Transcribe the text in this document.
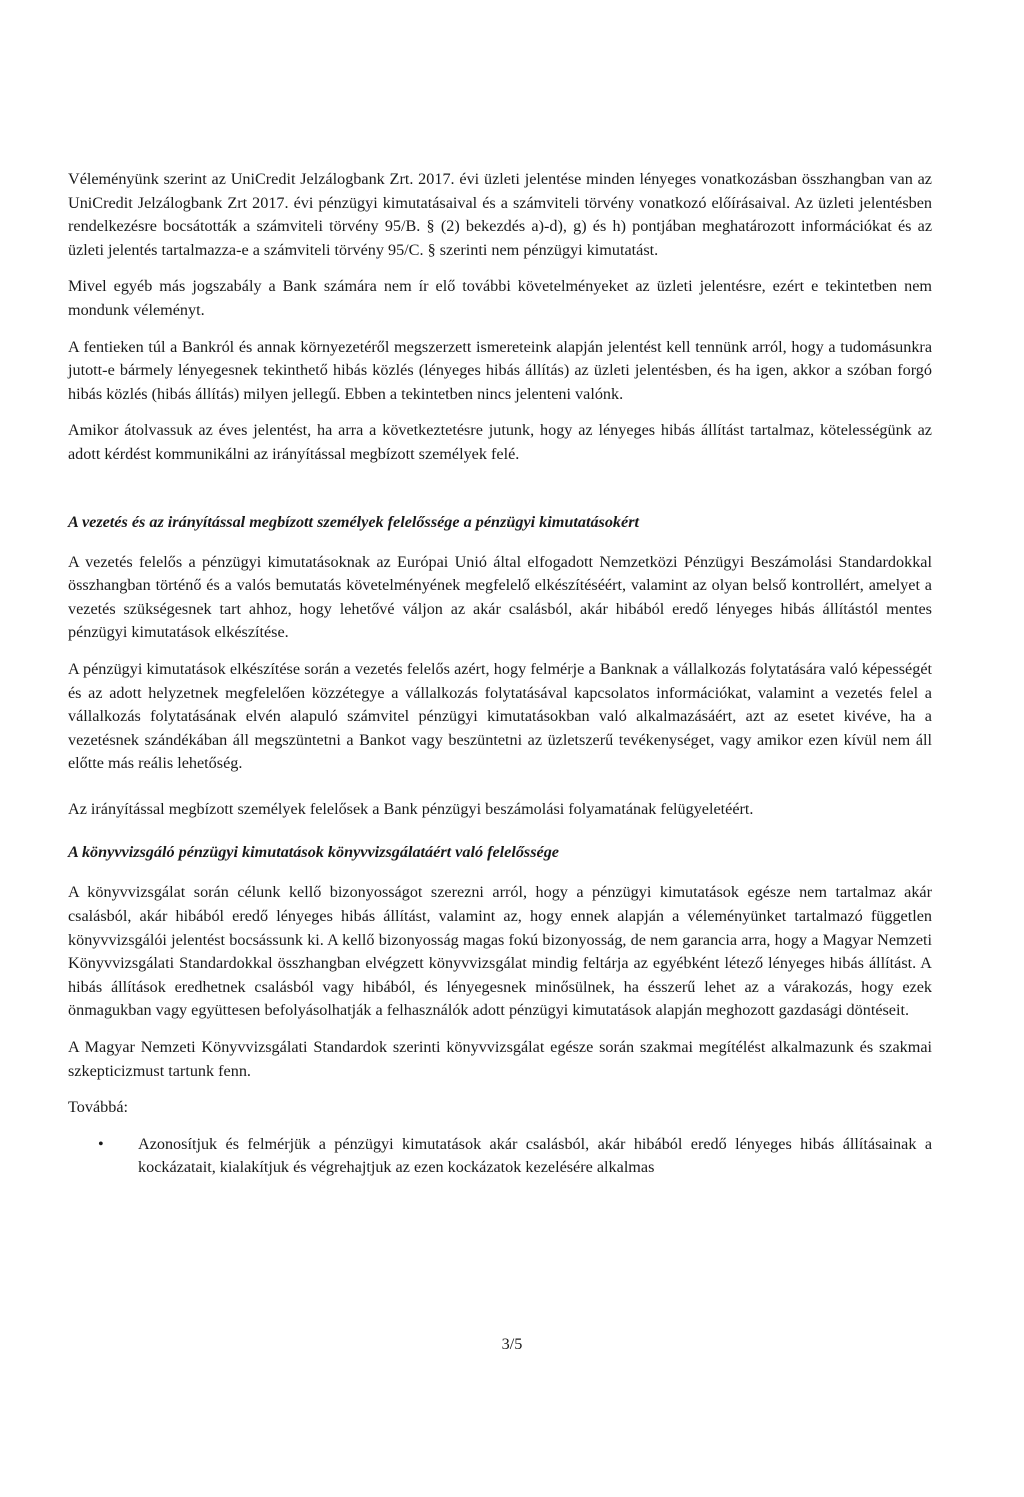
Véleményünk szerint az UniCredit Jelzálogbank Zrt. 2017. évi üzleti jelentése minden lényeges vonatkozásban összhangban van az UniCredit Jelzálogbank Zrt 2017. évi pénzügyi kimutatásaival és a számviteli törvény vonatkozó előírásaival. Az üzleti jelentésben rendelkezésre bocsátották a számviteli törvény 95/B. § (2) bekezdés a)-d), g) és h) pontjában meghatározott információkat és az üzleti jelentés tartalmazza-e a számviteli törvény 95/C. § szerinti nem pénzügyi kimutatást.

Mivel egyéb más jogszabály a Bank számára nem ír elő további követelményeket az üzleti jelentésre, ezért e tekintetben nem mondunk véleményt.

A fentieken túl a Bankról és annak környezetéről megszerzett ismereteink alapján jelentést kell tennünk arról, hogy a tudomásunkra jutott-e bármely lényegesnek tekinthető hibás közlés (lényeges hibás állítás) az üzleti jelentésben, és ha igen, akkor a szóban forgó hibás közlés (hibás állítás) milyen jellegű. Ebben a tekintetben nincs jelenteni valónk.

Amikor átolvassuk az éves jelentést, ha arra a következtetésre jutunk, hogy az lényeges hibás állítást tartalmaz, kötelességünk az adott kérdést kommunikálni az irányítással megbízott személyek felé.

A vezetés és az irányítással megbízott személyek felelőssége a pénzügyi kimutatásokért

A vezetés felelős a pénzügyi kimutatásoknak az Európai Unió által elfogadott Nemzetközi Pénzügyi Beszámolási Standardokkal összhangban történő és a valós bemutatás követelményének megfelelő elkészítéséért, valamint az olyan belső kontrollért, amelyet a vezetés szükségesnek tart ahhoz, hogy lehetővé váljon az akár csalásból, akár hibából eredő lényeges hibás állítástól mentes pénzügyi kimutatások elkészítése.

A pénzügyi kimutatások elkészítése során a vezetés felelős azért, hogy felmérje a Banknak a vállalkozás folytatására való képességét és az adott helyzetnek megfelelően közzétegye a vállalkozás folytatásával kapcsolatos információkat, valamint a vezetés felel a vállalkozás folytatásának elvén alapuló számvitel pénzügyi kimutatásokban való alkalmazásáért, azt az esetet kivéve, ha a vezetésnek szándékában áll megszüntetni a Bankot vagy beszüntetni az üzletszerű tevékenységet, vagy amikor ezen kívül nem áll előtte más reális lehetőség.

Az irányítással megbízott személyek felelősek a Bank pénzügyi beszámolási folyamatának felügyeletéért.

A könyvvizsgáló pénzügyi kimutatások könyvvizsgálatáért való felelőssége

A könyvvizsgálat során célunk kellő bizonyosságot szerezni arról, hogy a pénzügyi kimutatások egésze nem tartalmaz akár csalásból, akár hibából eredő lényeges hibás állítást, valamint az, hogy ennek alapján a véleményünket tartalmazó független könyvvizsgálói jelentést bocsássunk ki. A kellő bizonyosság magas fokú bizonyosság, de nem garancia arra, hogy a Magyar Nemzeti Könyvvizsgálati Standardokkal összhangban elvégzett könyvvizsgálat mindig feltárja az egyébként létező lényeges hibás állítást. A hibás állítások eredhetnek csalásból vagy hibából, és lényegesnek minősülnek, ha ésszerű lehet az a várakozás, hogy ezek önmagukban vagy együttesen befolyásolhatják a felhasználók adott pénzügyi kimutatások alapján meghozott gazdasági döntéseit.

A Magyar Nemzeti Könyvvizsgálati Standardok szerinti könyvvizsgálat egésze során szakmai megítélést alkalmazunk és szakmai szkepticizmust tartunk fenn.

Továbbá:

• Azonosítjuk és felmérjük a pénzügyi kimutatások akár csalásból, akár hibából eredő lényeges hibás állításainak a kockázatait, kialakítjuk és végrehajtjuk az ezen kockázatok kezelésére alkalmas
3/5
